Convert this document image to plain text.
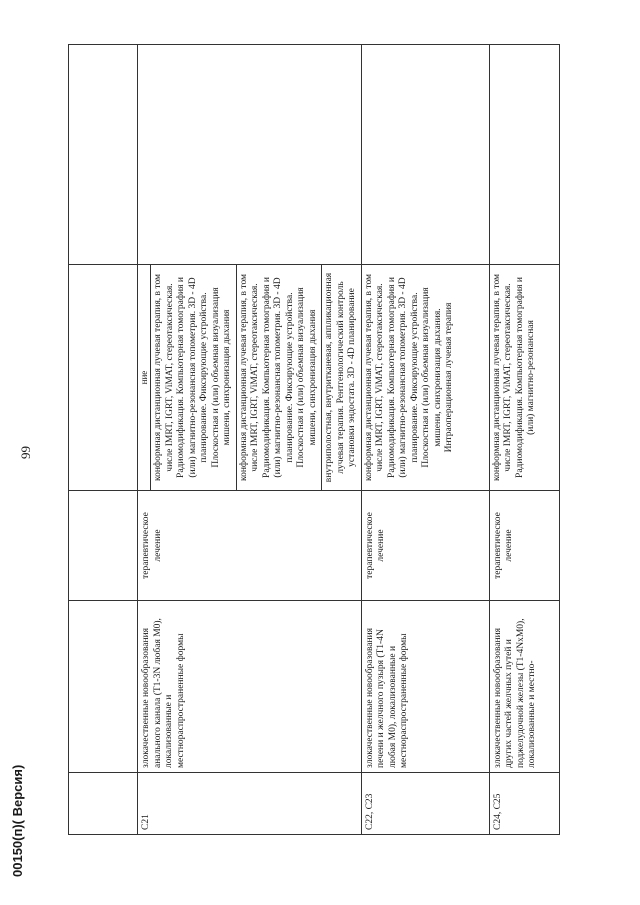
99
00150(п)( Версия)
					С21	злокачественные новообразования анального канала (T1-3N любая M0), локализованные и местнораспространенные формы	терапевтическое лечение	ние конформная дистанционная лучевая терапия, в том числе IMRT, IGRT, ViMAT, стереотаксическая. Радиомодификация. Компьютерная томография и (или) магнитно-резонансная топометрия. 3D - 4D планирование. Фиксирующие устройства. Плоскостная и (или) объемная визуализация мишени, синхронизация дыхания конформная дистанционная лучевая терапия, в том числе IMRT, IGRT, ViMAT, стереотаксическая. Радиомодификация. Компьютерная томография и (или) магнитно-резонансная топометрия. 3D - 4D планирование. Фиксирующие устройства. Плоскостная и (или) объемная визуализация мишени, синхронизация дыхания внутриполостная, внутритканевая, аппликационная лучевая терапия. Рентгенологический контроль установки эндостата. 3D - 4D планирование	

С22, С23	злокачественные новообразования печени и желчного пузыря (T1-4N любая M0), локализованные и местнораспространенные формы	терапевтическое лечение	конформная дистанционная лучевая терапия, в том числе IMRT, IGRT, ViMAT, стереотаксическая. Радиомодификация. Компьютерная томография и (или) магнитно-резонансная топометрия. 3D - 4D планирование. Фиксирующие устройства. Плоскостная и (или) объемная визуализация мишени, синхронизация дыхания. Интраоперационная лучевая терапия	

С24, С25	злокачественные новообразования других частей желчных путей и поджелудочной железы (T1-4NxM0), локализованные и местно-	терапевтическое лечение	конформная дистанционная лучевая терапия, в том числе IMRT, IGRT, ViMAT, стереотаксическая. Радиомодификация. Компьютерная томография и (или) магнитно-резонансная	
